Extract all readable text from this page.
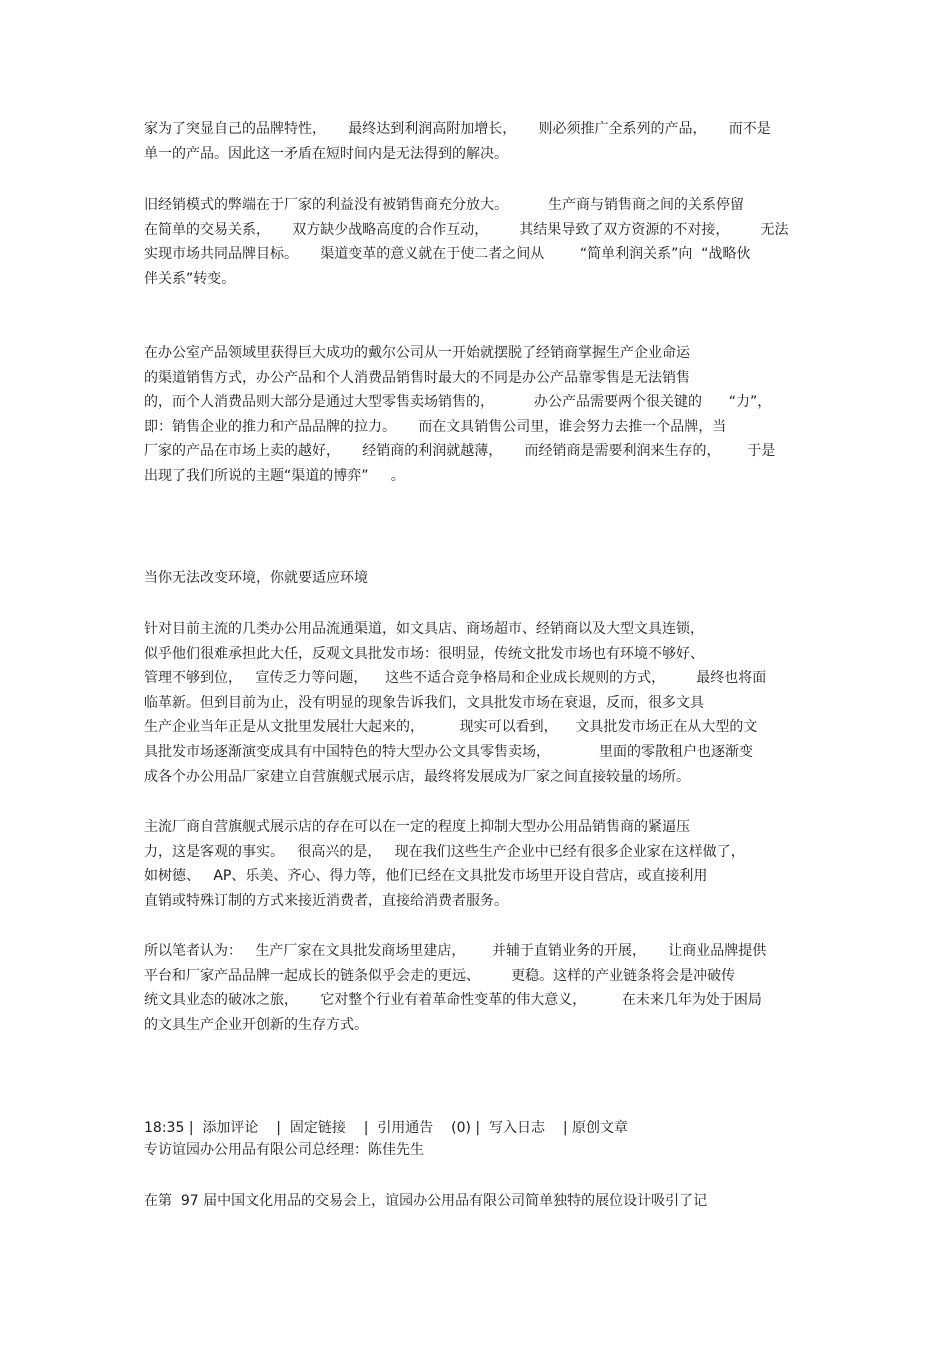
家为了突显自己的品牌特性，     最终达到利润高附加增长，     则必须推广全系列的产品，     而不是
单一的产品。因此这一矛盾在短时间内是无法得到的解决。
旧经销模式的弊端在于厂家的利益没有被销售商充分放大。         生产商与销售商之间的关系停留
在简单的交易关系，     双方缺少战略高度的合作互动，       其结果导致了双方资源的不对接，       无法
实现市场共同品牌目标。     渠道变革的意义就在于使二者之间从        “简单利润关系”向  “战略伙
伴关系”转变。
在办公室产品领域里获得巨大成功的戴尔公司从一开始就摆脱了经销商掌握生产企业命运
的渠道销售方式，办公产品和个人消费品销售时最大的不同是办公产品靠零售是无法销售
的，而个人消费品则大部分是通过大型零售卖场销售的，         办公产品需要两个很关键的      “力”，
即：销售企业的推力和产品品牌的拉力。     而在文具销售公司里，谁会努力去推一个品牌，当
厂家的产品在市场上卖的越好，     经销商的利润就越薄，     而经销商是需要利润来生存的，      于是
出现了我们所说的主题“渠道的博弈”     。
当你无法改变环境，你就要适应环境
针对目前主流的几类办公用品流通渠道，如文具店、商场超市、经销商以及大型文具连锁，
似乎他们很难承担此大任，反观文具批发市场：很明显，传统文批发市场也有环境不够好、
管理不够到位，   宣传乏力等问题，    这些不适合竞争格局和企业成长规则的方式，       最终也将面
临革新。但到目前为止，没有明显的现象告诉我们，文具批发市场在衰退，反而，很多文具
生产企业当年正是从文批里发展壮大起来的，        现实可以看到，    文具批发市场正在从大型的文
具批发市场逐渐演变成具有中国特色的特大型办公文具零售卖场，           里面的零散租户也逐渐变
成各个办公用品厂家建立自营旗舰式展示店，最终将发展成为厂家之间直接较量的场所。
主流厂商自营旗舰式展示店的存在可以在一定的程度上抑制大型办公用品销售商的紧逼压
力，这是客观的事实。   很高兴的是，   现在我们这些生产企业中已经有很多企业家在这样做了，
如树德、   AP、乐美、齐心、得力等，他们已经在文具批发市场里开设自营店，或直接利用
直销或特殊订制的方式来接近消费者，直接给消费者服务。
所以笔者认为：   生产厂家在文具批发商场里建店，      并辅于直销业务的开展，     让商业品牌提供
平台和厂家产品品牌一起成长的链条似乎会走的更远、       更稳。这样的产业链条将会是冲破传
统文具业态的破冰之旅，     它对整个行业有着革命性变革的伟大意义，        在未来几年为处于困局
的文具生产企业开创新的生存方式。
18:35 | 添加评论 | 固定链接 | 引用通告 (0) | 写入日志 | 原创文章
专访谊园办公用品有限公司总经理：陈佳先生
在第  97 届中国文化用品的交易会上，谊园办公用品有限公司简单独特的展位设计吸引了记
